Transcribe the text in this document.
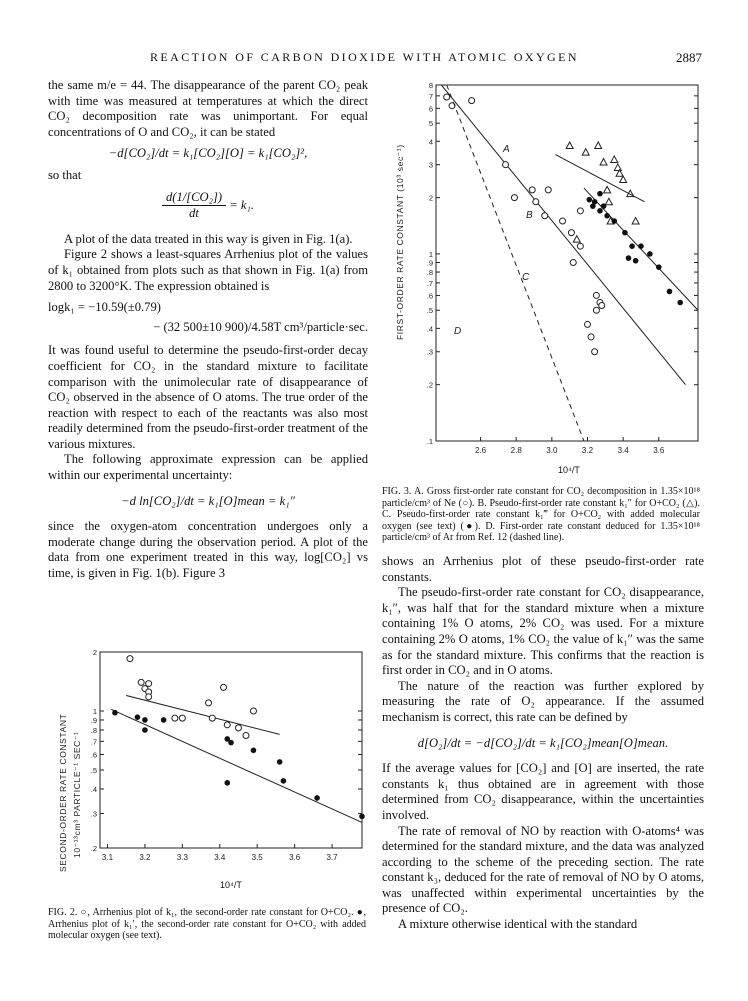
REACTION OF CARBON DIOXIDE WITH ATOMIC OXYGEN	2887

the same m/e = 44. The disappearance of the parent CO₂ peak with time was measured at temperatures at which the direct CO₂ decomposition rate was unimportant. For equal concentrations of O and CO₂, it can be stated

−d[CO₂]/dt = k₁[CO₂][O] = k₁[CO₂]²,

so that

$\frac{\text{d(1/[CO₂])}}{dt} = k_1$.

A plot of the data treated in this way is given in Fig. 1(a).

Figure 2 shows a least-squares Arrhenius plot of the values of k₁ obtained from plots such as that shown in Fig. 1(a) from 2800 to 3200°K. The expression obtained is

logk₁ = −10.59(±0.79)

− (32 500±10 900)/4.58T cm³/particle·sec.

It was found useful to determine the pseudo-first-order decay coefficient for CO₂ in the standard mixture to facilitate comparison with the unimolecular rate of disappearance of CO₂ observed in the absence of O atoms. The true order of the reaction with respect to each of the reactants was also most readily determined from the pseudo-first-order treatment of the various mixtures.

The following approximate expression can be applied within our experimental uncertainty:

−d ln[CO₂]/dt = k₁[O]mean = k₁″

since the oxygen-atom concentration undergoes only a moderate change during the observation period. A plot of the data from one experiment treated in this way, log[CO₂] vs time, is given in Fig. 1(b). Figure 3

3.1	3.2	3.3	3.4	3.5	3.6	3.7
.2
.3
.4
.5
.6
.7
.8
.9
1
2
SECOND-ORDER RATE CONSTANT 10⁻¹³cm³ PARTICLE⁻¹ SEC⁻¹
10⁴/T
FIG. 2. ○, Arrhenius plot of k₁, the second-order rate constant for O+CO₂. ●, Arrhenius plot of k₁′, the second-order rate constant for O+CO₂ with added molecular oxygen (see text).
2.6	2.8	3.0	3.2	3.4	3.6
.1
.2
.3
.4
.5
.6
.7
.8
.9
1
2
3
4
5
6
7
8
A
B
C
D
FIRST-ORDER RATE CONSTANT (10³ sec⁻¹)
10⁴/T
FIG. 3. A. Gross first-order rate constant for CO₂ decomposition in 1.35×10¹⁸ particle/cm³ of Ne (○). B. Pseudo-first-order rate constant k₁″ for O+CO₂ (△). C. Pseudo-first-order rate constant k₁‴ for O+CO₂ with added molecular oxygen (see text) (●). D. First-order rate constant deduced for 1.35×10¹⁸ particle/cm³ of Ar from Ref. 12 (dashed line).

shows an Arrhenius plot of these pseudo-first-order rate constants.

The pseudo-first-order rate constant for CO₂ disappearance, k₁″, was half that for the standard mixture when a mixture containing 1% O atoms, 2% CO₂ was used. For a mixture containing 2% O atoms, 1% CO₂ the value of k₁″ was the same as for the standard mixture. This confirms that the reaction is first order in CO₂ and in O atoms.

The nature of the reaction was further explored by measuring the rate of O₂ appearance. If the assumed mechanism is correct, this rate can be defined by

d[O₂]/dt = −d[CO₂]/dt = k₁[CO₂]mean[O]mean.

If the average values for [CO₂] and [O] are inserted, the rate constants k₁ thus obtained are in agreement with those determined from CO₂ disappearance, within the uncertainties involved.

The rate of removal of NO by reaction with O-atoms⁴ was determined for the standard mixture, and the data was analyzed according to the scheme of the preceding section. The rate constant k₃, deduced for the rate of removal of NO by O atoms, was unaffected within experimental uncertainties by the presence of CO₂.

A mixture otherwise identical with the standard
